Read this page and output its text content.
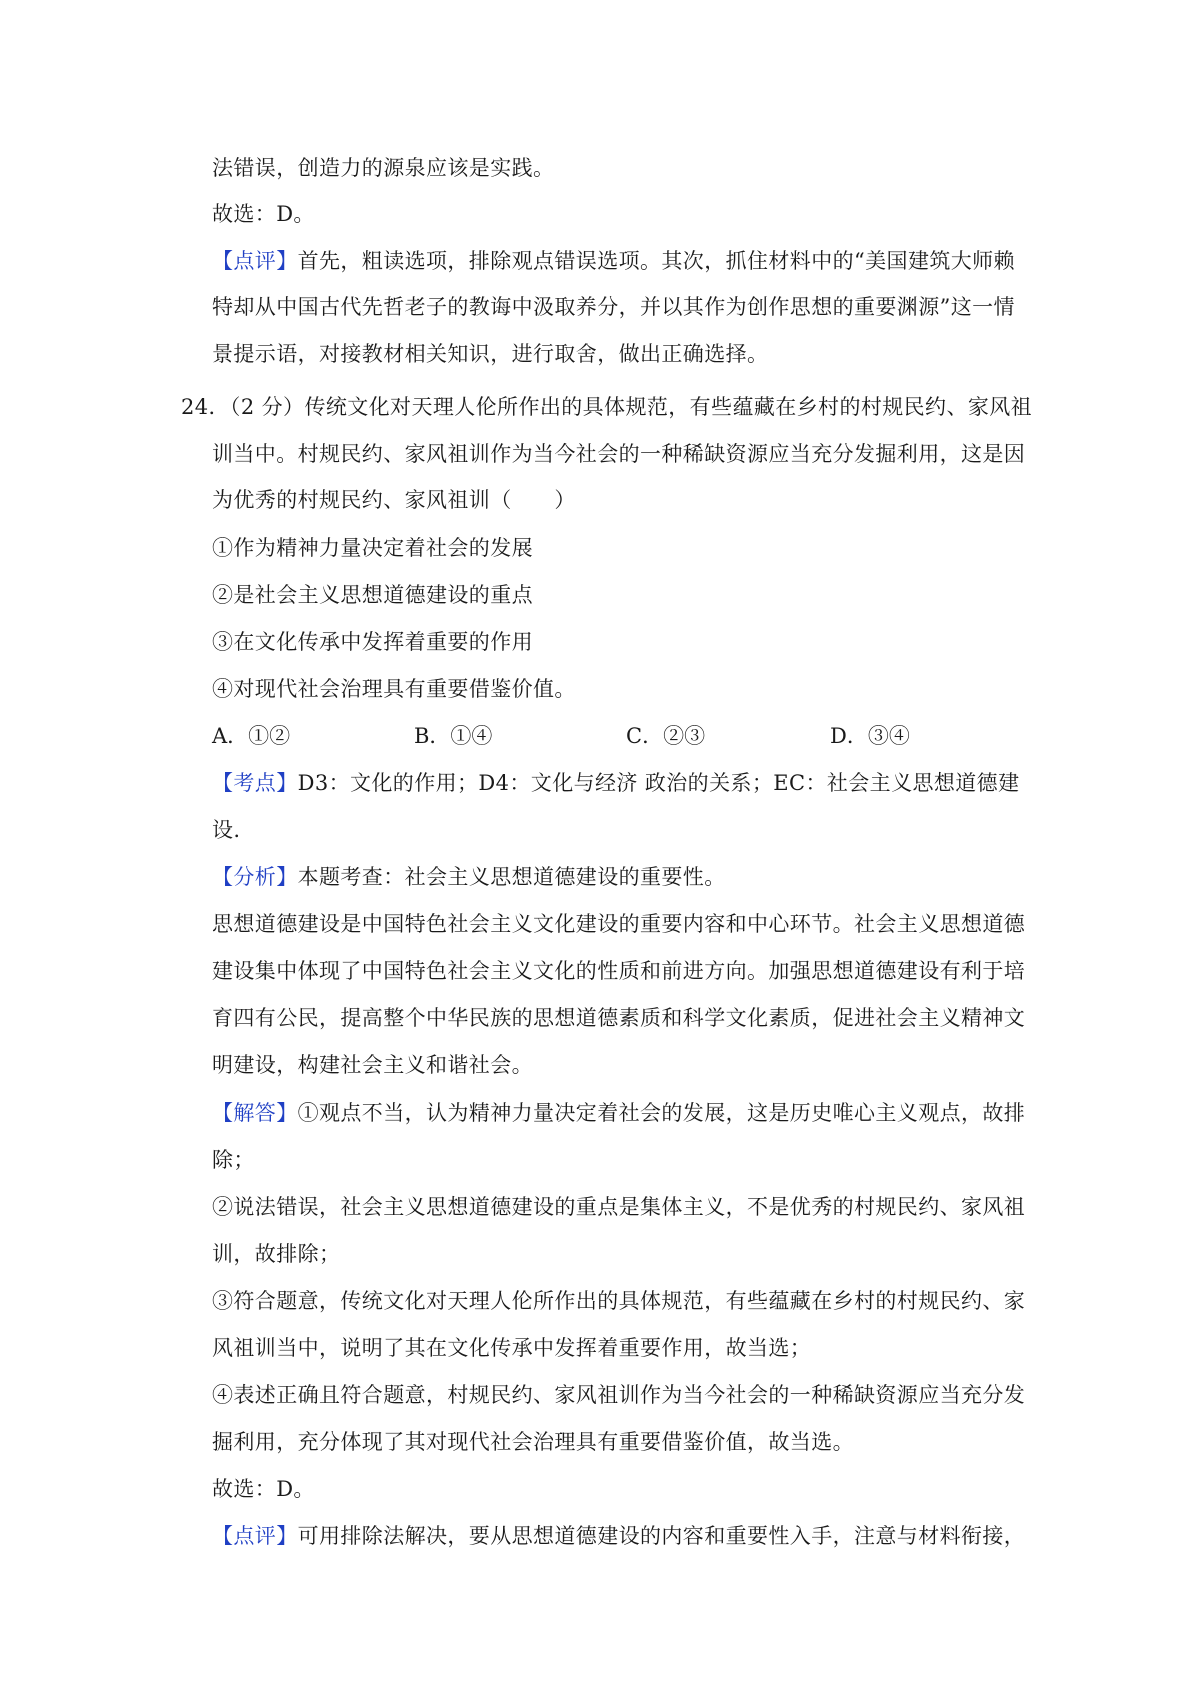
法错误，创造力的源泉应该是实践。
故选：D。
【点评】首先，粗读选项，排除观点错误选项。其次，抓住材料中的“美国建筑大师赖
特却从中国古代先哲老子的教诲中汲取养分，并以其作为创作思想的重要渊源”这一情
景提示语，对接教材相关知识，进行取舍，做出正确选择。
24．（2 分）传统文化对天理人伦所作出的具体规范，有些蕴藏在乡村的村规民约、家风祖
训当中。村规民约、家风祖训作为当今社会的一种稀缺资源应当充分发掘利用，这是因
为优秀的村规民约、家风祖训（　　）
①作为精神力量决定着社会的发展
②是社会主义思想道德建设的重点
③在文化传承中发挥着重要的作用
④对现代社会治理具有重要借鉴价值。
A．①②	B．①④	C．②③	D．③④
【考点】D3：文化的作用；D4：文化与经济 政治的关系；EC：社会主义思想道德建
设.
【分析】本题考查：社会主义思想道德建设的重要性。
思想道德建设是中国特色社会主义文化建设的重要内容和中心环节。社会主义思想道德
建设集中体现了中国特色社会主义文化的性质和前进方向。加强思想道德建设有利于培
育四有公民，提高整个中华民族的思想道德素质和科学文化素质，促进社会主义精神文
明建设，构建社会主义和谐社会。
【解答】①观点不当，认为精神力量决定着社会的发展，这是历史唯心主义观点，故排
除；
②说法错误，社会主义思想道德建设的重点是集体主义，不是优秀的村规民约、家风祖
训，故排除；
③符合题意，传统文化对天理人伦所作出的具体规范，有些蕴藏在乡村的村规民约、家
风祖训当中，说明了其在文化传承中发挥着重要作用，故当选；
④表述正确且符合题意，村规民约、家风祖训作为当今社会的一种稀缺资源应当充分发
掘利用，充分体现了其对现代社会治理具有重要借鉴价值，故当选。
故选：D。
【点评】可用排除法解决，要从思想道德建设的内容和重要性入手，注意与材料衔接，
